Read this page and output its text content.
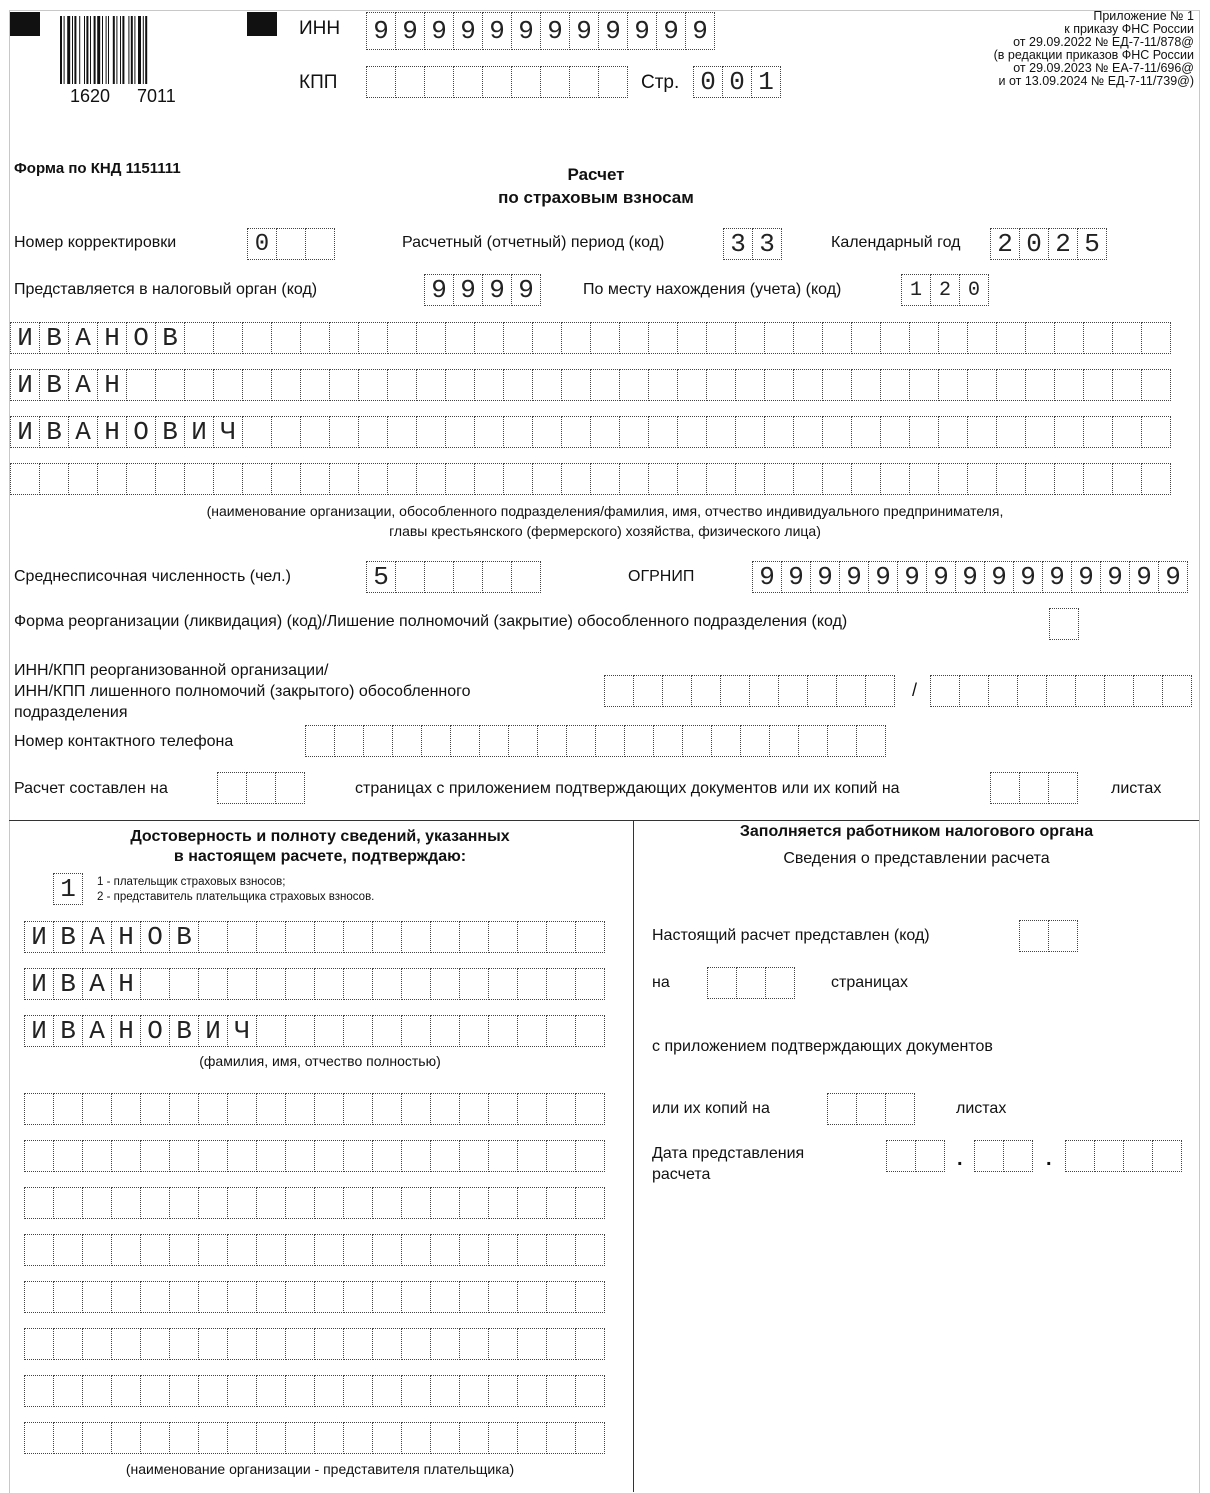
1620 7011
ИНН 9 9 9 9 9 9 9 9 9 9 9 9
КПП	Стр. 0 0 1
Приложение № 1
к приказу ФНС России
от 29.09.2022 № ЕД-7-11/878@
(в редакции приказов ФНС России
от 29.09.2023 № ЕА-7-11/696@
и от 13.09.2024 № ЕД-7-11/739@)
Форма по КНД 1151111	Расчет
по страховым взносам
Номер корректировки	0	Расчетный (отчетный) период (код)	3 3	Календарный год 2 0 2 5
Представляется в налоговый орган (код)	9 9 9 9	По месту нахождения (учета) (код)	1 2 0
И В А Н О В
И В А Н
И В А Н О В И Ч
(наименование организации, обособленного подразделения/фамилия, имя, отчество индивидуального предпринимателя,
главы крестьянского (фермерского) хозяйства, физического лица)
Среднесписочная численность (чел.)	5	ОГРНИП 9 9 9 9 9 9 9 9 9 9 9 9 9 9 9
Форма реорганизации (ликвидация) (код)/Лишение полномочий (закрытие) обособленного подразделения (код)
ИНН/КПП реорганизованной организации/
ИНН/КПП лишенного полномочий (закрытого) обособленного
подразделения
/
Номер контактного телефона
Расчет составлен на	страницах с приложением подтверждающих документов или их копий на	листах
Достоверность и полноту сведений, указанных
в настоящем расчете, подтверждаю:
1	1 - плательщик страховых взносов;
2 - представитель плательщика страховых взносов.
И В А Н О В
И В А Н
И В А Н О В И Ч
(фамилия, имя, отчество полностью)
(наименование организации - представителя плательщика)
Заполняется работником налогового органа
Сведения о представлении расчета
Настоящий расчет представлен (код)
на	страницах
с приложением подтверждающих документов
или их копий на	листах
Дата представления
расчета
.	.
